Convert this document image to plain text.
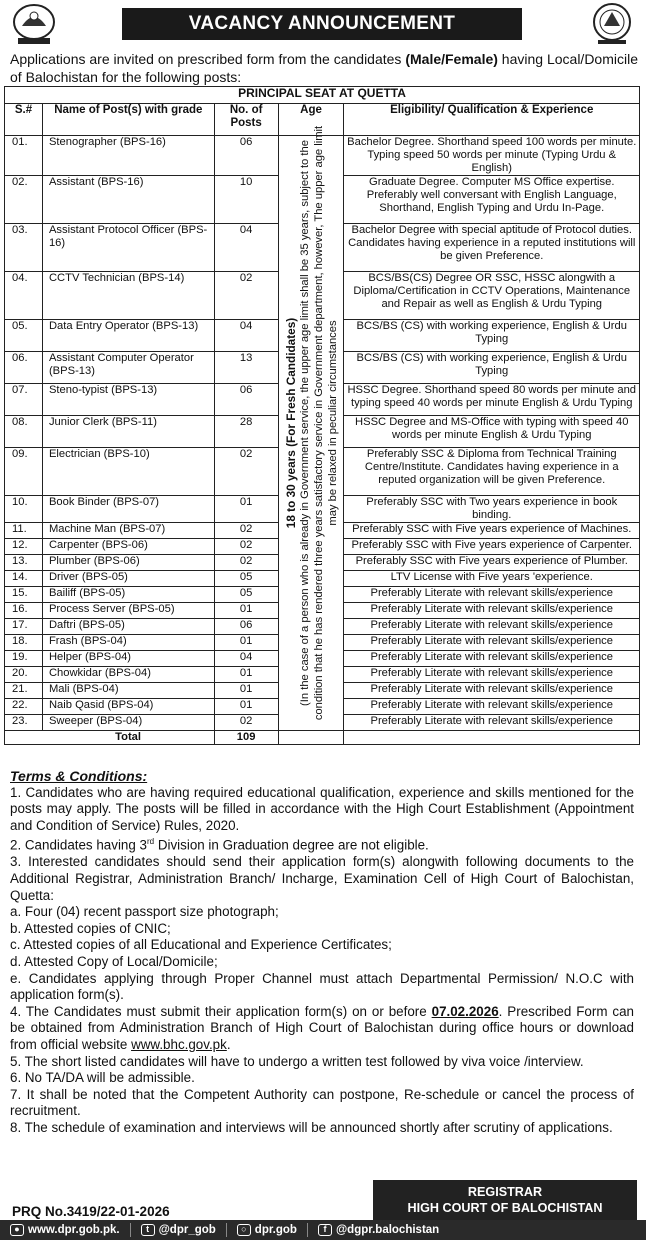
VACANCY ANNOUNCEMENT
Applications are invited on prescribed form from the candidates (Male/Female) having Local/Domicile of Balochistan for the following posts:
PRINCIPAL SEAT AT QUETTA				
S.#	Name of Post(s) with grade	No. of Posts	Age	Eligibility/ Qualification & Experience
01.	Stenographer (BPS-16)	06	18 to 30 years (For Fresh Candidates) (In the case of a person who is already in Government service, the upper age limit shall be 35 years, subject to the condition that he has rendered three years satisfactory service in Government department, however, The upper age limit may be relaxed in peculiar circumstances	Bachelor Degree. Shorthand speed 100 words per minute. Typing speed 50 words per minute (Typing Urdu & English)
02.	Assistant (BPS-16)	10		Graduate Degree. Computer MS Office expertise. Preferably well conversant with English Language, Shorthand, English Typing and Urdu In-Page.
03.	Assistant Protocol Officer (BPS-16)	04		Bachelor Degree with special aptitude of Protocol duties. Candidates having experience in a reputed institutions will be given Preference.
04.	CCTV Technician (BPS-14)	02		BCS/BS(CS) Degree OR SSC, HSSC alongwith a Diploma/Certification in CCTV Operations, Maintenance and Repair as well as English & Urdu Typing
05.	Data Entry Operator (BPS-13)	04		BCS/BS (CS) with working experience, English & Urdu Typing
06.	Assistant Computer Operator (BPS-13)	13		BCS/BS (CS) with working experience, English & Urdu Typing
07.	Steno-typist (BPS-13)	06		HSSC Degree. Shorthand speed 80 words per minute and typing speed 40 words per minute English & Urdu Typing
08.	Junior Clerk (BPS-11)	28		HSSC Degree and MS-Office with typing with speed 40 words per minute English & Urdu Typing
09.	Electrician (BPS-10)	02		Preferably SSC & Diploma from Technical Training Centre/Institute. Candidates having experience in a reputed organization will be given Preference.
10.	Book Binder (BPS-07)	01		Preferably SSC with Two years experience in book binding.
11.	Machine Man (BPS-07)	02		Preferably SSC with Five years experience of Machines.
12.	Carpenter (BPS-06)	02		Preferably SSC with Five years experience of Carpenter.
13.	Plumber (BPS-06)	02		Preferably SSC with Five years experience of Plumber.
14.	Driver (BPS-05)	05		LTV License with Five years 'experience.
15.	Bailiff (BPS-05)	05		Preferably Literate with relevant skills/experience
16.	Process Server (BPS-05)	01		Preferably Literate with relevant skills/experience
17.	Daftri (BPS-05)	06		Preferably Literate with relevant skills/experience
18.	Frash (BPS-04)	01		Preferably Literate with relevant skills/experience
19.	Helper (BPS-04)	04		Preferably Literate with relevant skills/experience
20.	Chowkidar (BPS-04)	01		Preferably Literate with relevant skills/experience
21.	Mali (BPS-04)	01		Preferably Literate with relevant skills/experience
22.	Naib Qasid (BPS-04)	01		Preferably Literate with relevant skills/experience
23.	Sweeper (BPS-04)	02		Preferably Literate with relevant skills/experience
	Total	109		
Terms & Conditions:

1. Candidates who are having required educational qualification, experience and skills mentioned for the posts may apply. The posts will be filled in accordance with the High Court Establishment (Appointment and Condition of Service) Rules, 2020.

2. Candidates having 3rd Division in Graduation degree are not eligible.

3. Interested candidates should send their application form(s) alongwith following documents to the Additional Registrar, Administration Branch/ Incharge, Examination Cell of High Court of Balochistan, Quetta:

a. Four (04) recent passport size photograph;

b. Attested copies of CNIC;

c. Attested copies of all Educational and Experience Certificates;

d. Attested Copy of Local/Domicile;

e. Candidates applying through Proper Channel must attach Departmental Permission/ N.O.C with application form(s).

4. The Candidates must submit their application form(s) on or before 07.02.2026. Prescribed Form can be obtained from Administration Branch of High Court of Balochistan during office hours or download from official website www.bhc.gov.pk.

5. The short listed candidates will have to undergo a written test followed by viva voice /interview.

6. No TA/DA will be admissible.

7. It shall be noted that the Competent Authority can postpone, Re-schedule or cancel the process of recruitment.

8. The schedule of examination and interviews will be announced shortly after scrutiny of applications.

PRQ No.3419/22-01-2026
REGISTRAR
HIGH COURT OF BALOCHISTAN
● www.dpr.gob.pk.	t @dpr_gob	○ dpr.gob	f @dgpr.balochistan
